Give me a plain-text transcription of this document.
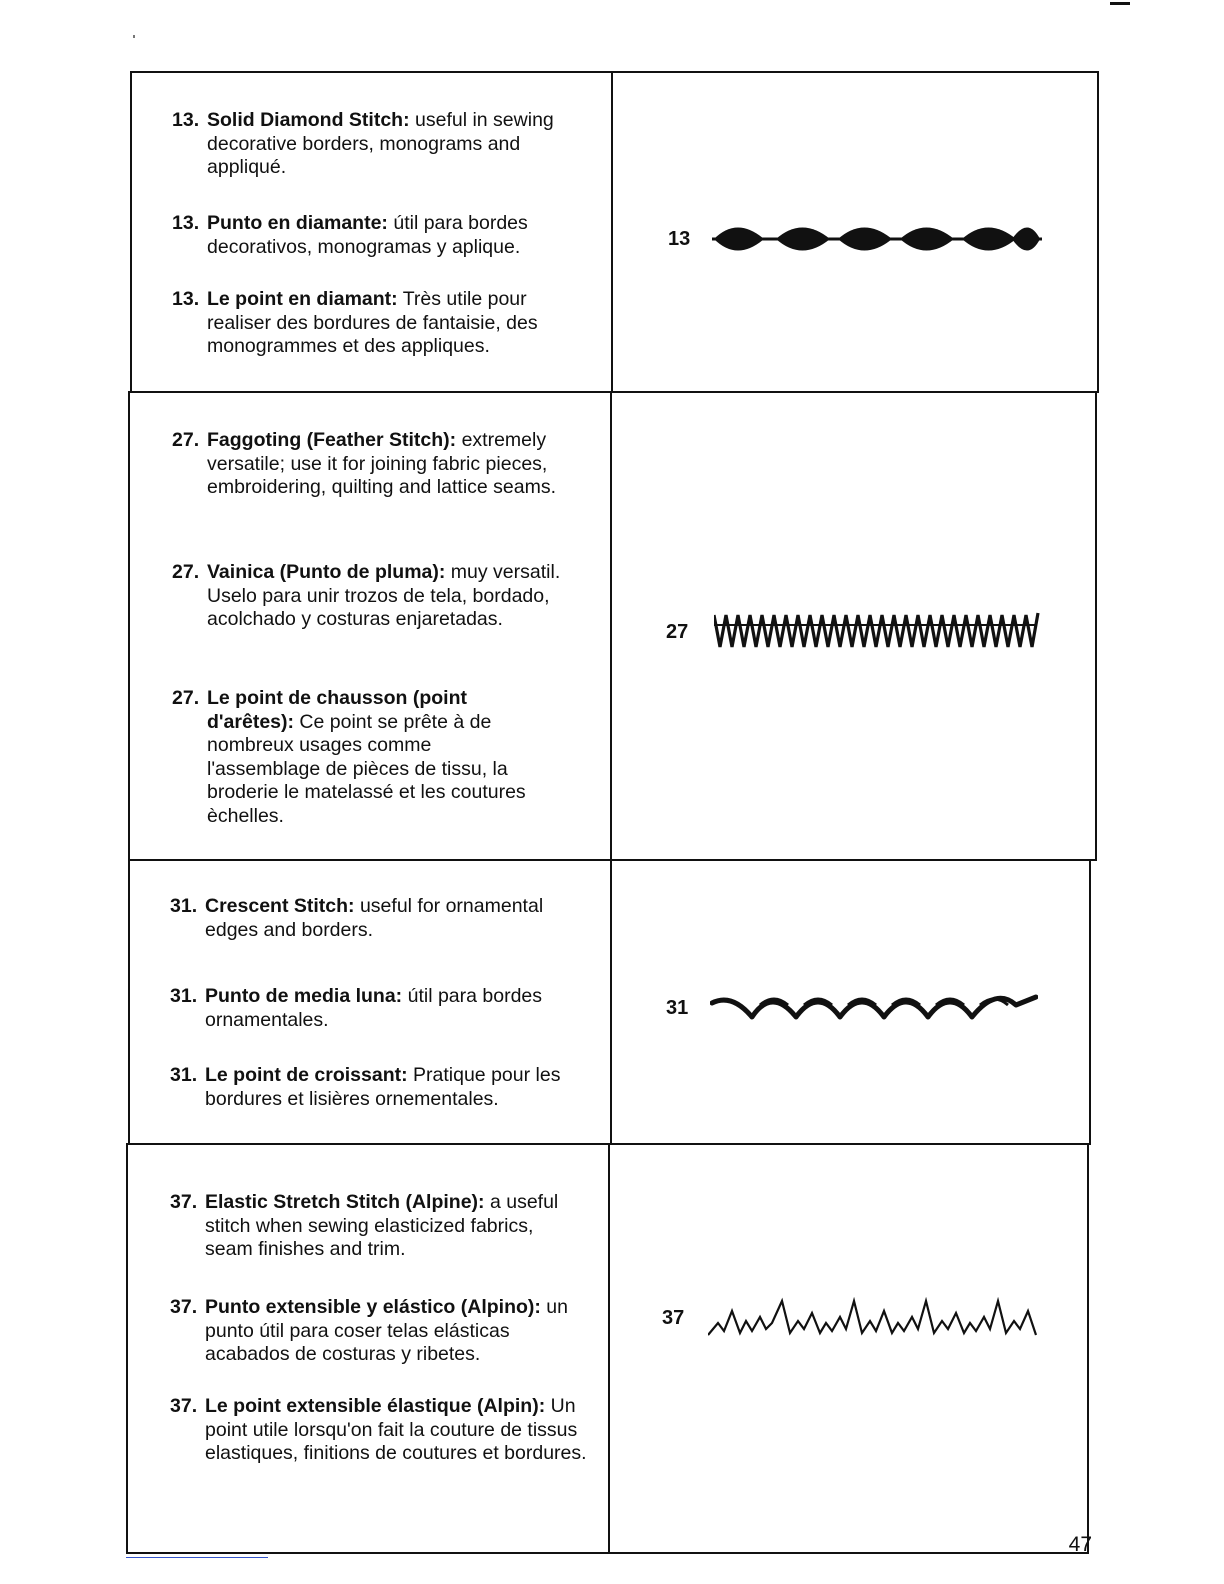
13. Solid Diamond Stitch: useful in sewing decorative borders, monograms and appliqué.
13. Punto en diamante: útil para bordes decorativos, monogramas y aplique.
13. Le point en diamant: Très utile pour realiser des bordures de fantaisie, des monogrammes et des appliques.
13
27. Faggoting (Feather Stitch): extremely versatile; use it for joining fabric pieces, embroidering, quilting and lattice seams.
27. Vainica (Punto de pluma): muy versatil. Uselo para unir trozos de tela, bordado, acolchado y costuras enjaretadas.
27. Le point de chausson (point d'arêtes): Ce point se prête à de nombreux usages comme l'assemblage de pièces de tissu, la broderie le matelassé et les coutures èchelles.
27
31. Crescent Stitch: useful for ornamental edges and borders.
31. Punto de media luna: útil para bordes ornamentales.
31. Le point de croissant: Pratique pour les bordures et lisières ornementales.
31
37. Elastic Stretch Stitch (Alpine): a useful stitch when sewing elasticized fabrics, seam finishes and trim.
37. Punto extensible y elástico (Alpino): un punto útil para coser telas elásticas acabados de costuras y ribetes.
37. Le point extensible élastique (Alpin): Un point utile lorsqu'on fait la couture de tissus elastiques, finitions de coutures et bordures.
37
47
